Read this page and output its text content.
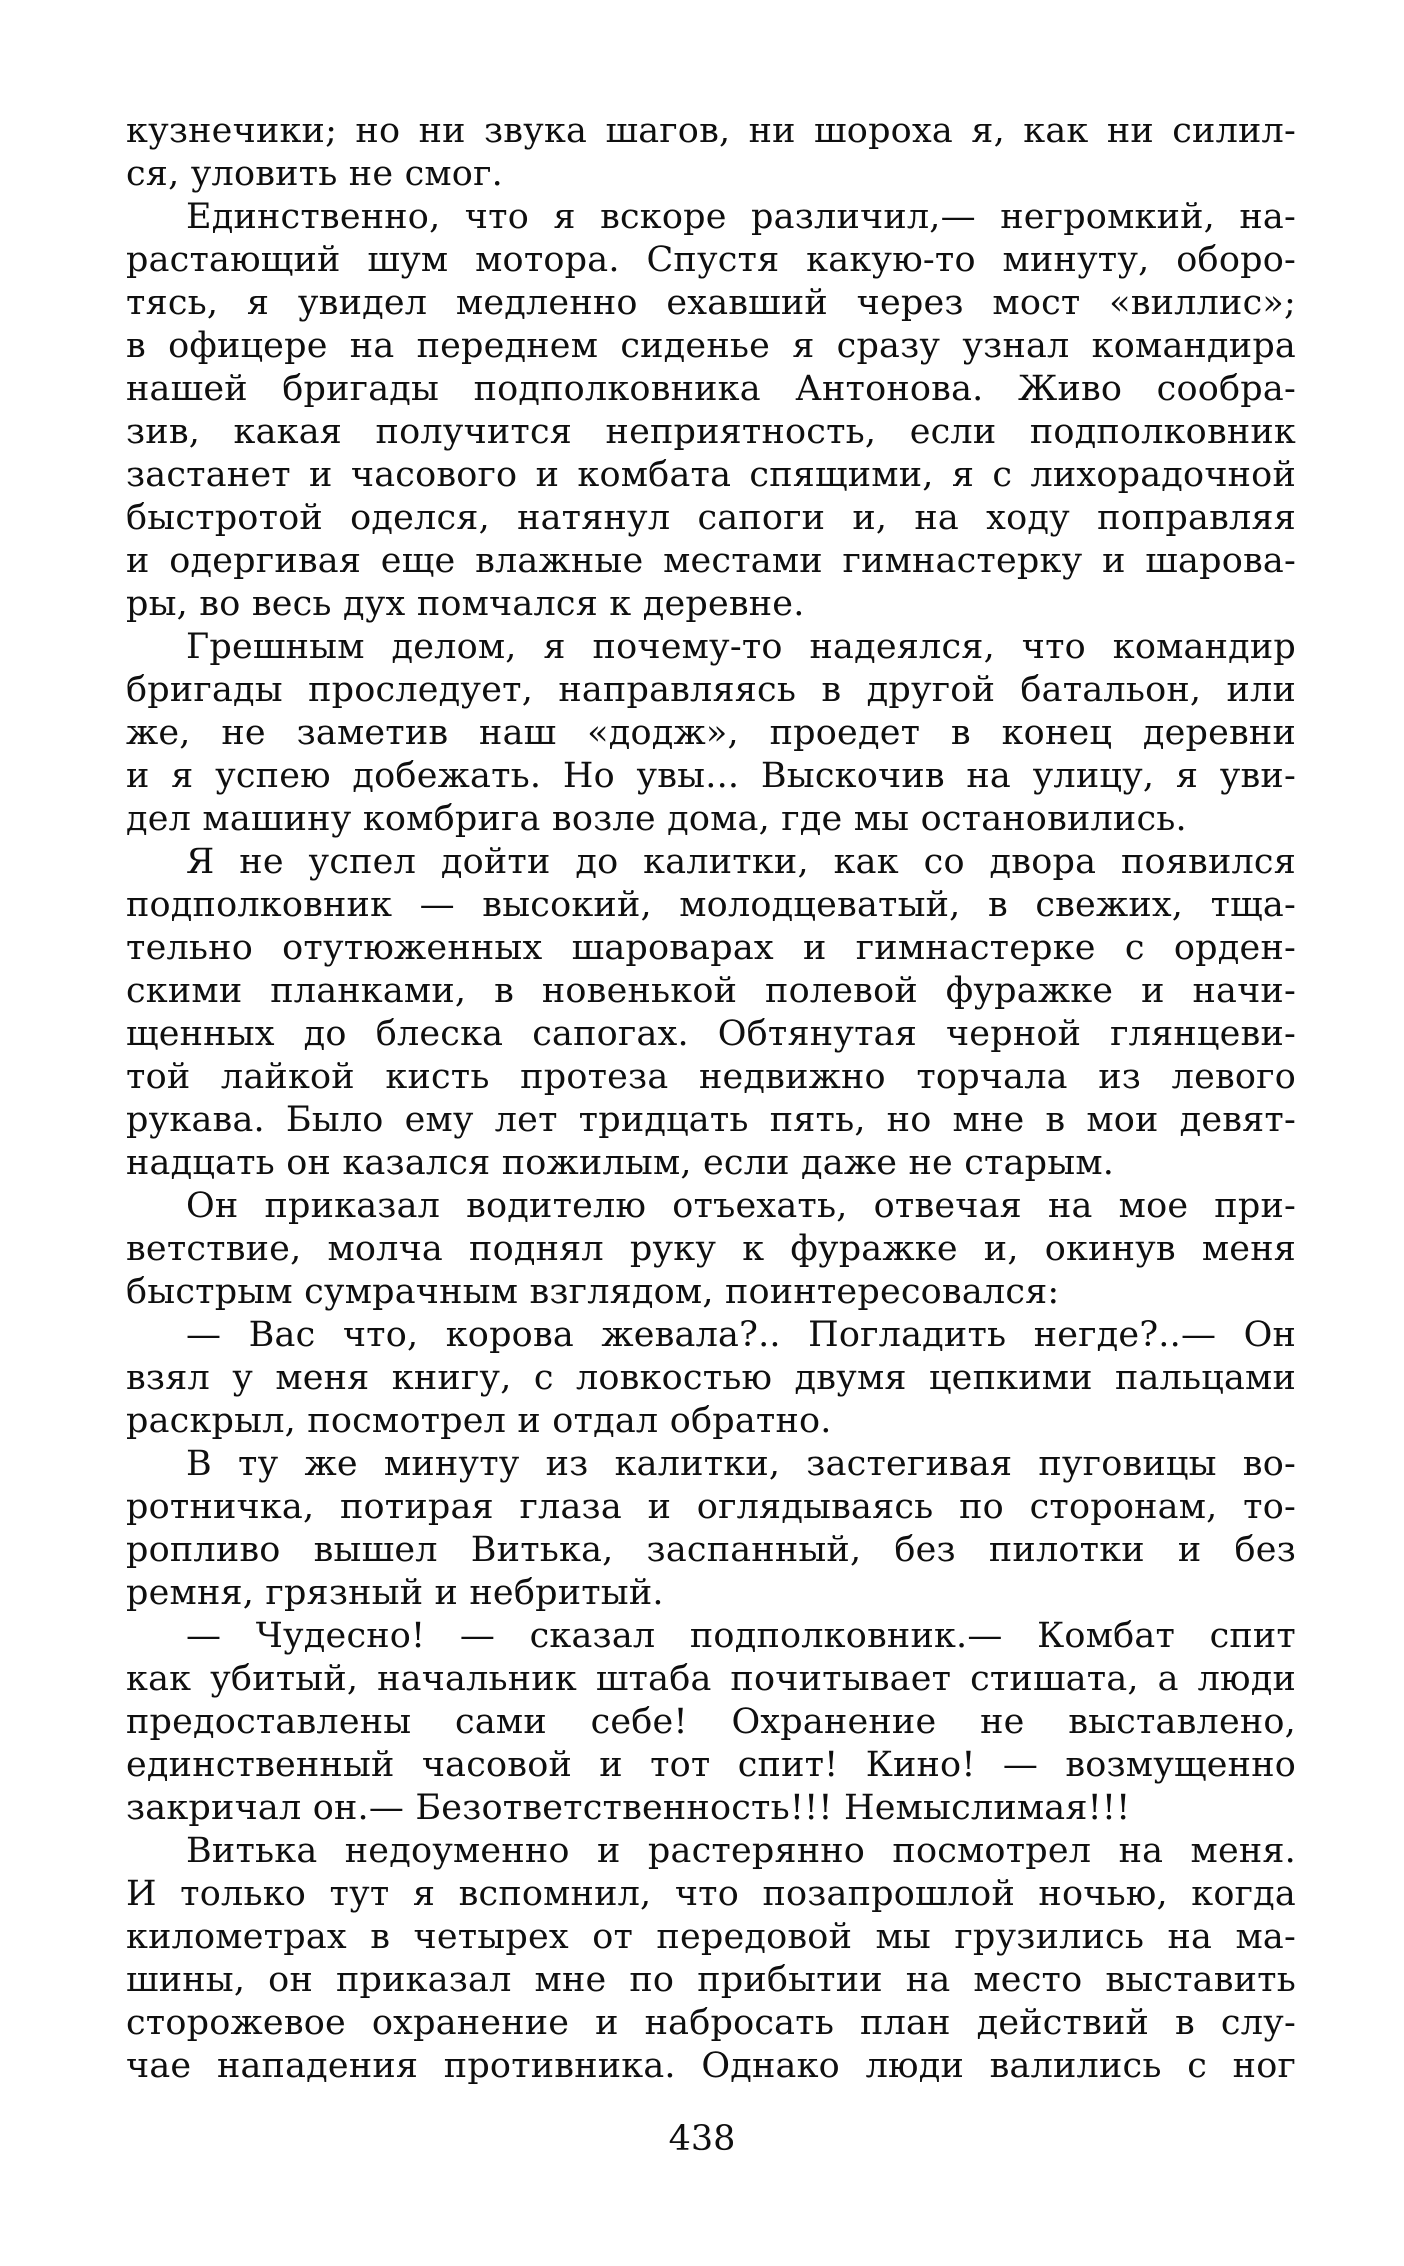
кузнечики; но ни звука шагов, ни шороха я, как ни силил-
ся, уловить не смог.
Единственно, что я вскоре различил,— негромкий, на-
растающий шум мотора. Спустя какую-то минуту, оборо-
тясь, я увидел медленно ехавший через мост «виллис»;
в офицере на переднем сиденье я сразу узнал командира
нашей бригады подполковника Антонова. Живо сообра-
зив, какая получится неприятность, если подполковник
застанет и часового и комбата спящими, я с лихорадочной
быстротой оделся, натянул сапоги и, на ходу поправляя
и одергивая еще влажные местами гимнастерку и шарова-
ры, во весь дух помчался к деревне.
Грешным делом, я почему-то надеялся, что командир
бригады проследует, направляясь в другой батальон, или
же, не заметив наш «додж», проедет в конец деревни
и я успею добежать. Но увы... Выскочив на улицу, я уви-
дел машину комбрига возле дома, где мы остановились.
Я не успел дойти до калитки, как со двора появился
подполковник — высокий, молодцеватый, в свежих, тща-
тельно отутюженных шароварах и гимнастерке с орден-
скими планками, в новенькой полевой фуражке и начи-
щенных до блеска сапогах. Обтянутая черной глянцеви-
той лайкой кисть протеза недвижно торчала из левого
рукава. Было ему лет тридцать пять, но мне в мои девят-
надцать он казался пожилым, если даже не старым.
Он приказал водителю отъехать, отвечая на мое при-
ветствие, молча поднял руку к фуражке и, окинув меня
быстрым сумрачным взглядом, поинтересовался:
— Вас что, корова жевала?.. Погладить негде?..— Он
взял у меня книгу, с ловкостью двумя цепкими пальцами
раскрыл, посмотрел и отдал обратно.
В ту же минуту из калитки, застегивая пуговицы во-
ротничка, потирая глаза и оглядываясь по сторонам, то-
ропливо вышел Витька, заспанный, без пилотки и без
ремня, грязный и небритый.
— Чудесно! — сказал подполковник.— Комбат спит
как убитый, начальник штаба почитывает стишата, а люди
предоставлены сами себе! Охранение не выставлено,
единственный часовой и тот спит! Кино! — возмущенно
закричал он.— Безответственность!!! Немыслимая!!!
Витька недоуменно и растерянно посмотрел на меня.
И только тут я вспомнил, что позапрошлой ночью, когда
километрах в четырех от передовой мы грузились на ма-
шины, он приказал мне по прибытии на место выставить
сторожевое охранение и набросать план действий в слу-
чае нападения противника. Однако люди валились с ног
438
